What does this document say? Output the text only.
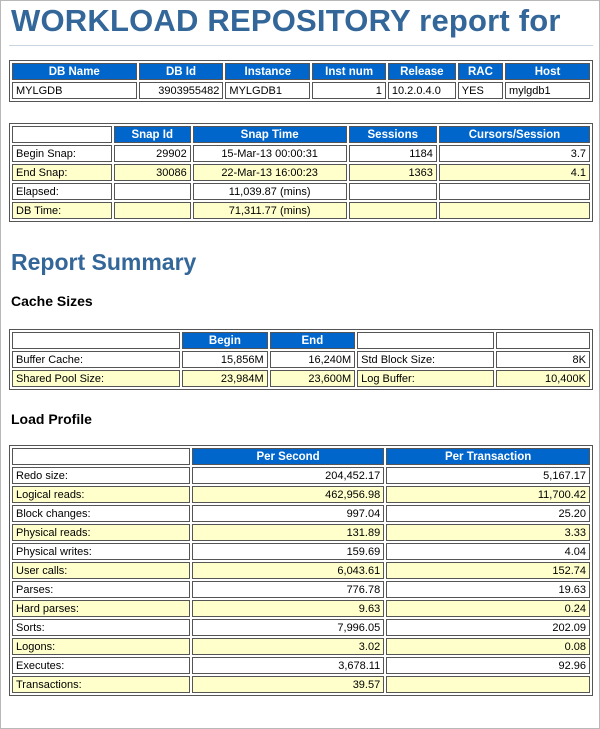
WORKLOAD REPOSITORY report for
DB Name	DB Id	Instance	Inst num	Release	RAC	Host
MYLGDB	3903955482	MYLGDB1	1	10.2.0.4.0	YES	mylgdb1
	Snap Id	Snap Time	Sessions	Cursors/Session
Begin Snap:	29902	15-Mar-13 00:00:31	1184	3.7
End Snap:	30086	22-Mar-13 16:00:23	1363	4.1
Elapsed:		11,039.87 (mins)		
DB Time:		71,311.77 (mins)		
Report Summary
Cache Sizes
	Begin	End		
Buffer Cache:	15,856M	16,240M	Std Block Size:	8K
Shared Pool Size:	23,984M	23,600M	Log Buffer:	10,400K
Load Profile
	Per Second	Per Transaction
Redo size:	204,452.17	5,167.17
Logical reads:	462,956.98	11,700.42
Block changes:	997.04	25.20
Physical reads:	131.89	3.33
Physical writes:	159.69	4.04
User calls:	6,043.61	152.74
Parses:	776.78	19.63
Hard parses:	9.63	0.24
Sorts:	7,996.05	202.09
Logons:	3.02	0.08
Executes:	3,678.11	92.96
Transactions:	39.57	
